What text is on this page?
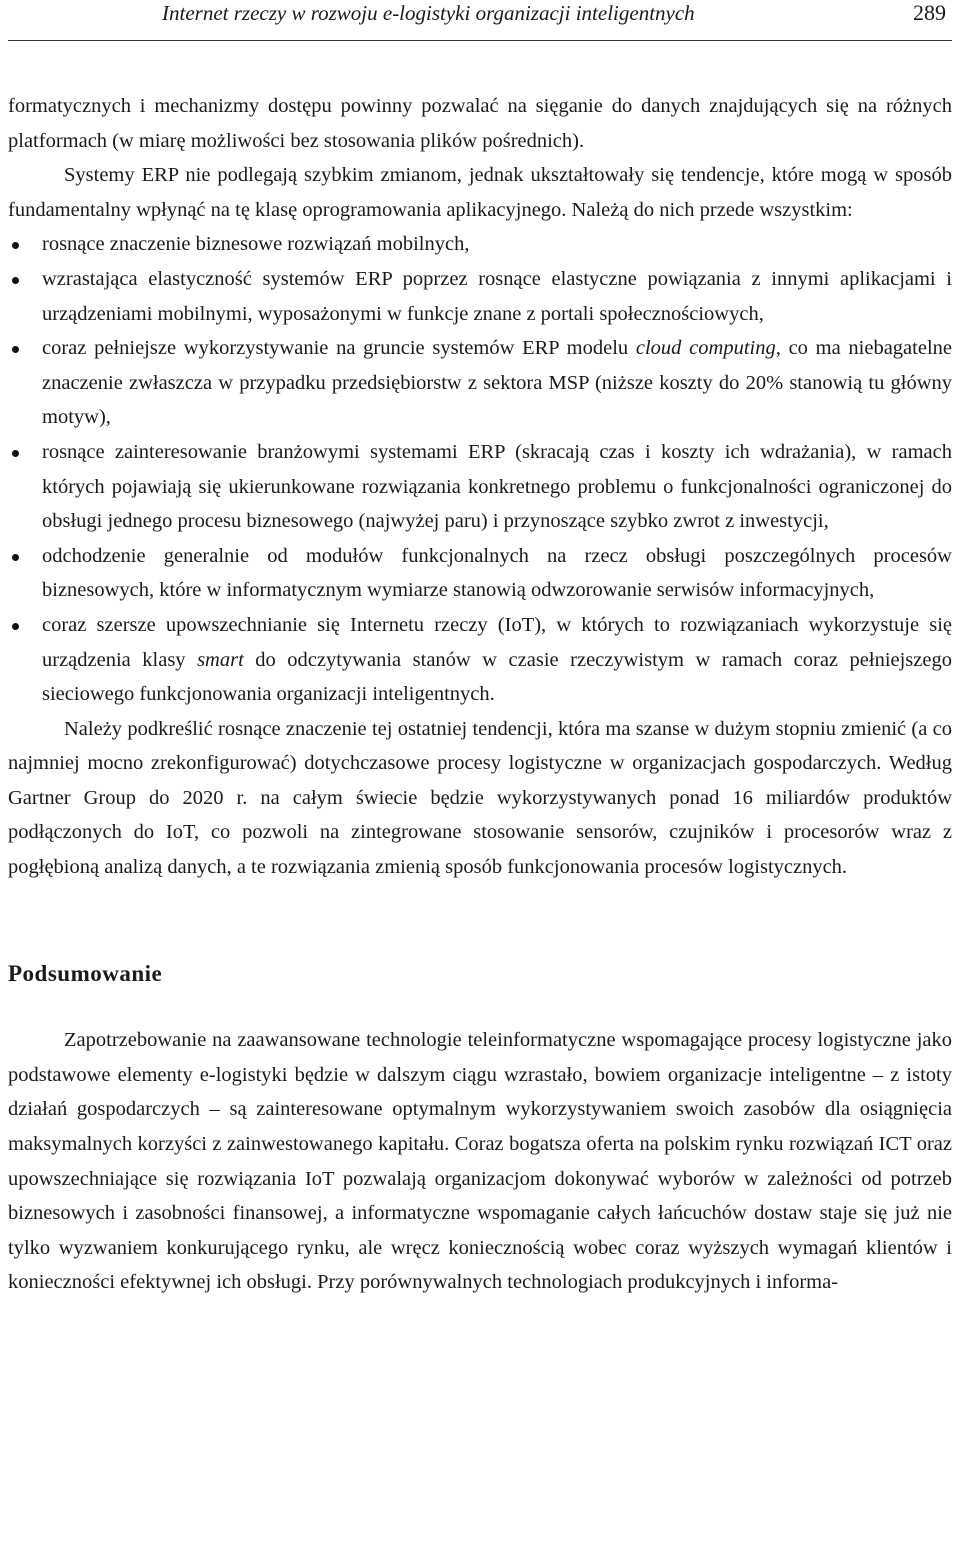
Internet rzeczy w rozwoju e-logistyki organizacji inteligentnych	289

formatycznych i mechanizmy dostępu powinny pozwalać na sięganie do danych znajdujących się na różnych platformach (w miarę możliwości bez stosowania plików pośrednich).

Systemy ERP nie podlegają szybkim zmianom, jednak ukształtowały się tendencje, które mogą w sposób fundamentalny wpłynąć na tę klasę oprogramowania aplikacyjnego. Należą do nich przede wszystkim:

rosnące znaczenie biznesowe rozwiązań mobilnych,
wzrastająca elastyczność systemów ERP poprzez rosnące elastyczne powiązania z innymi aplikacjami i urządzeniami mobilnymi, wyposażonymi w funkcje znane z portali społecznościowych,
coraz pełniejsze wykorzystywanie na gruncie systemów ERP modelu cloud computing, co ma niebagatelne znaczenie zwłaszcza w przypadku przedsiębiorstw z sektora MSP (niższe koszty do 20% stanowią tu główny motyw),
rosnące zainteresowanie branżowymi systemami ERP (skracają czas i koszty ich wdrażania), w ramach których pojawiają się ukierunkowane rozwiązania konkretnego problemu o funkcjonalności ograniczonej do obsługi jednego procesu biznesowego (najwyżej paru) i przynoszące szybko zwrot z inwestycji,
odchodzenie generalnie od modułów funkcjonalnych na rzecz obsługi poszczególnych procesów biznesowych, które w informatycznym wymiarze stanowią odwzorowanie serwisów informacyjnych,
coraz szersze upowszechnianie się Internetu rzeczy (IoT), w których to rozwiązaniach wykorzystuje się urządzenia klasy smart do odczytywania stanów w czasie rzeczywistym w ramach coraz pełniejszego sieciowego funkcjonowania organizacji inteligentnych.

Należy podkreślić rosnące znaczenie tej ostatniej tendencji, która ma szanse w dużym stopniu zmienić (a co najmniej mocno zrekonfigurować) dotychczasowe procesy logistyczne w organizacjach gospodarczych. Według Gartner Group do 2020 r. na całym świecie będzie wykorzystywanych ponad 16 miliardów produktów podłączonych do IoT, co pozwoli na zintegrowane stosowanie sensorów, czujników i procesorów wraz z pogłębioną analizą danych, a te rozwiązania zmienią sposób funkcjonowania procesów logistycznych.

Podsumowanie

Zapotrzebowanie na zaawansowane technologie teleinformatyczne wspomagające procesy logistyczne jako podstawowe elementy e-logistyki będzie w dalszym ciągu wzrastało, bowiem organizacje inteligentne – z istoty działań gospodarczych – są zainteresowane optymalnym wykorzystywaniem swoich zasobów dla osiągnięcia maksymalnych korzyści z zainwestowanego kapitału. Coraz bogatsza oferta na polskim rynku rozwiązań ICT oraz upowszechniające się rozwiązania IoT pozwalają organizacjom dokonywać wyborów w zależności od potrzeb biznesowych i zasobności finansowej, a informatyczne wspomaganie całych łańcuchów dostaw staje się już nie tylko wyzwaniem konkurującego rynku, ale wręcz koniecznością wobec coraz wyższych wymagań klientów i konieczności efektywnej ich obsługi. Przy porównywalnych technologiach produkcyjnych i informa-
